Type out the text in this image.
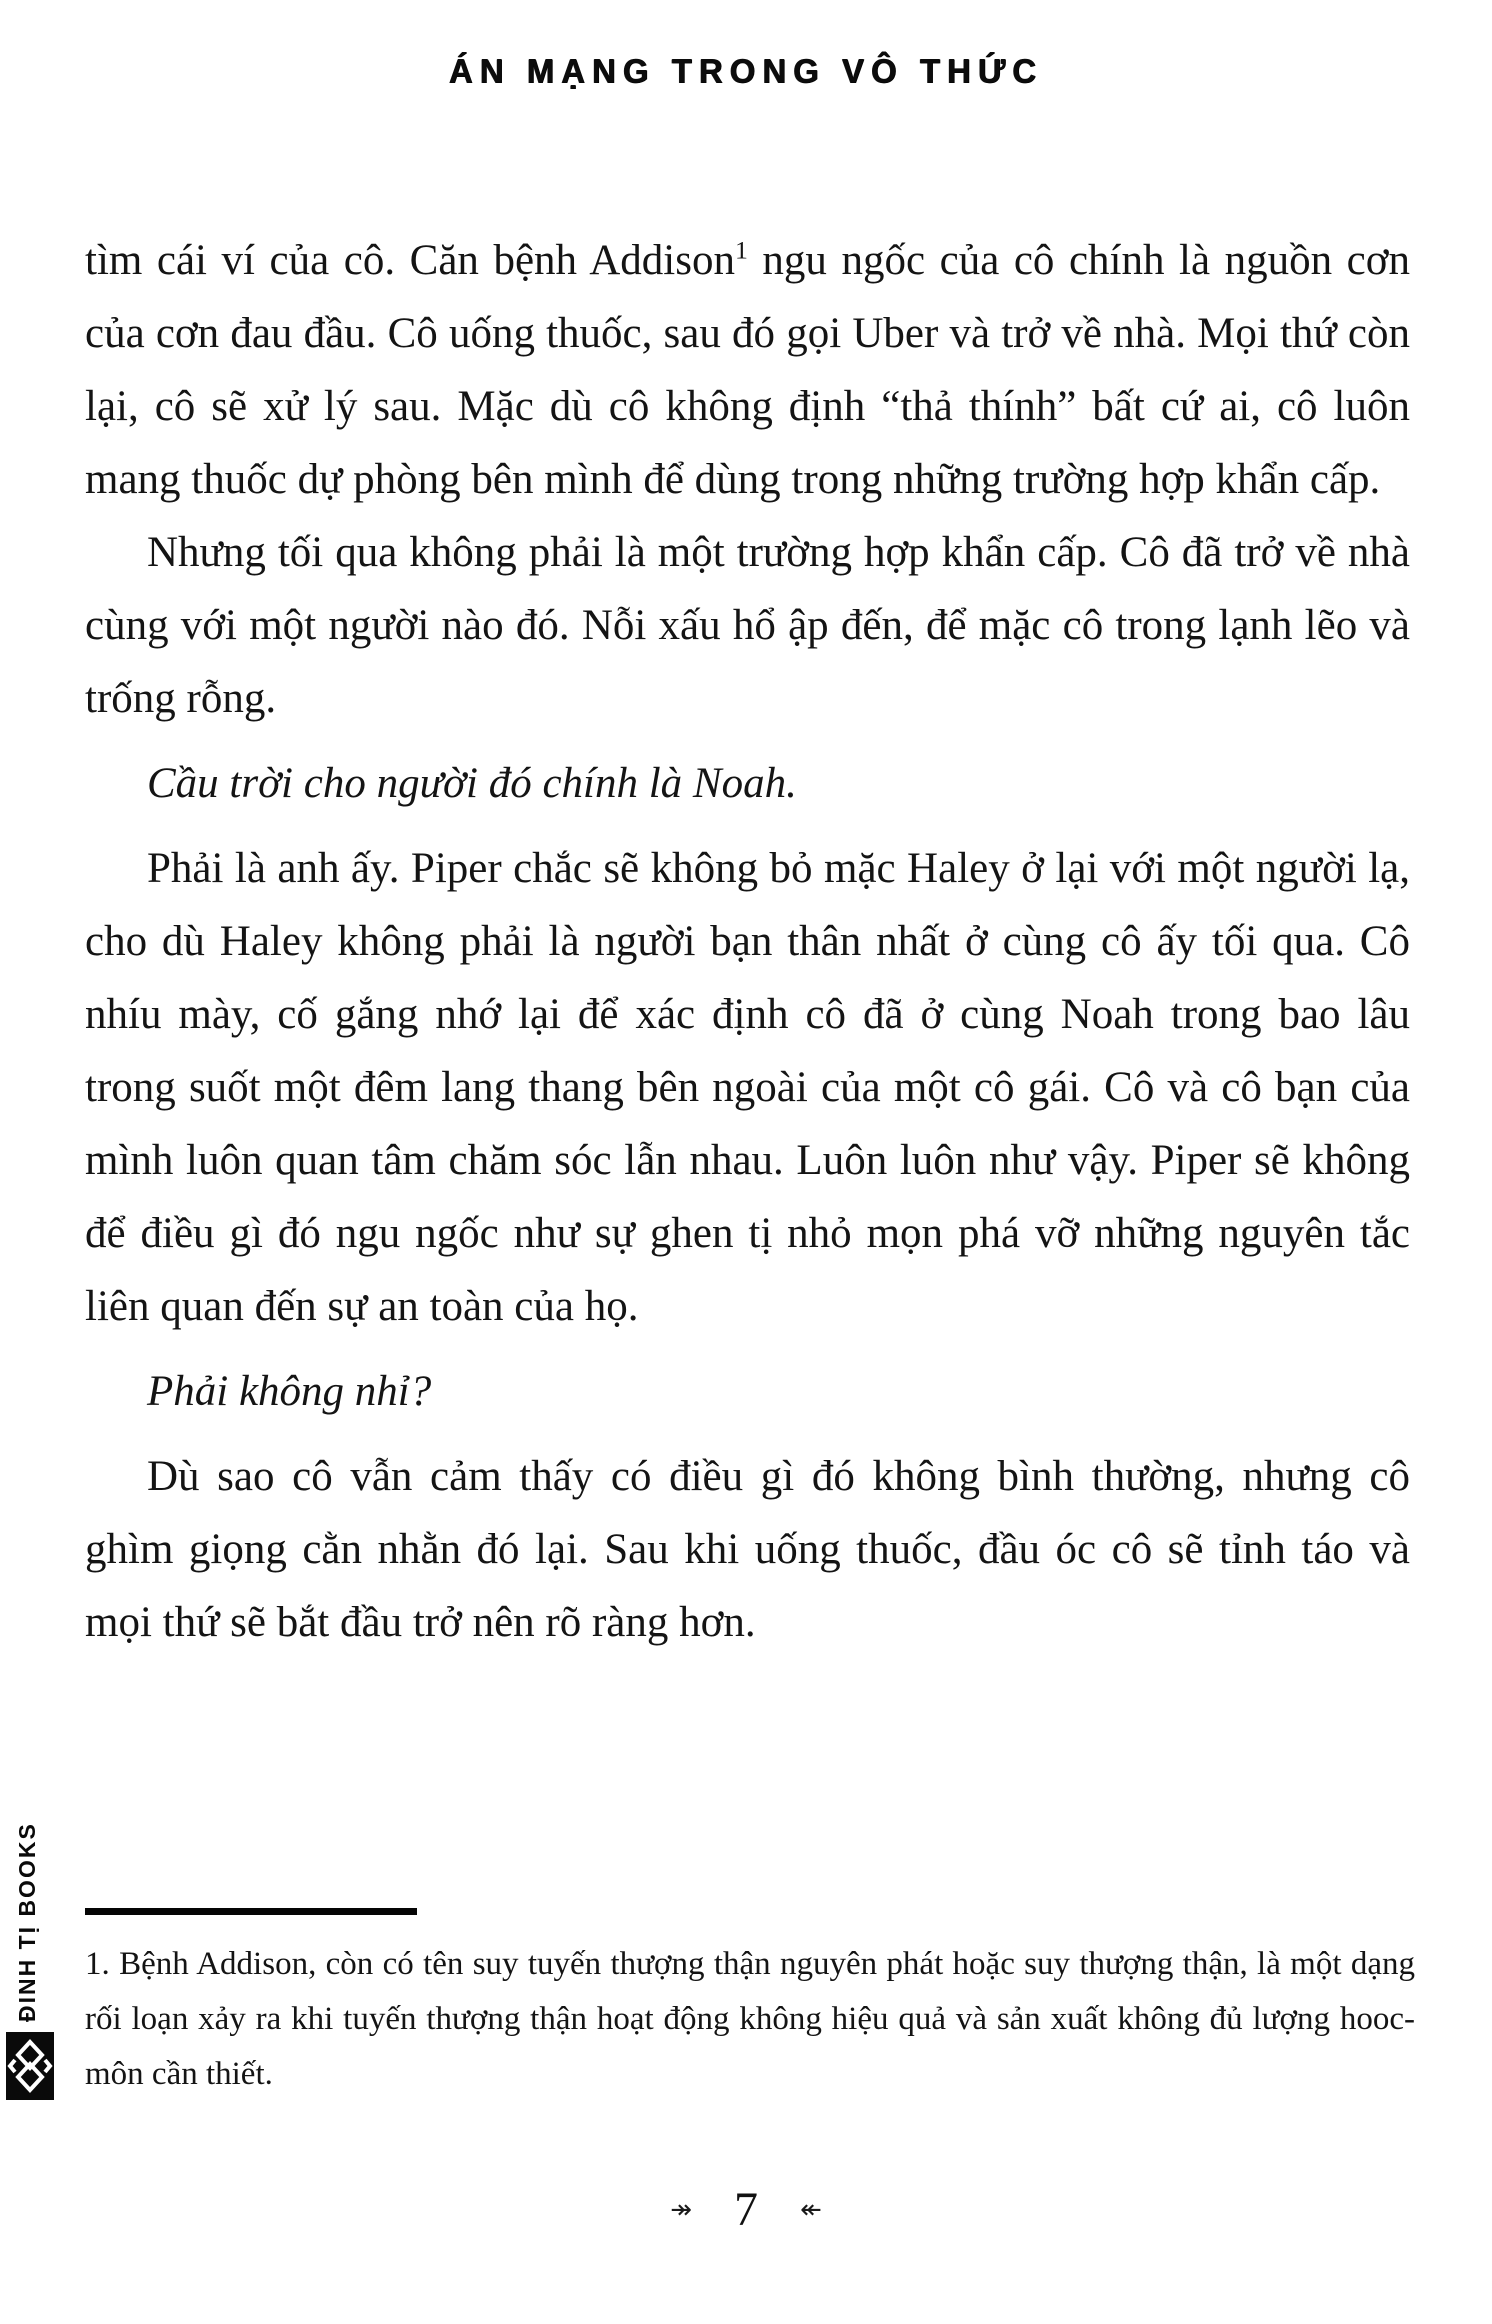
ÁN MẠNG TRONG VÔ THỨC

tìm cái ví của cô. Căn bệnh Addison$^1$ ngu ngốc của cô chính là nguồn cơn của cơn đau đầu. Cô uống thuốc, sau đó gọi Uber và trở về nhà. Mọi thứ còn lại, cô sẽ xử lý sau. Mặc dù cô không định “thả thính” bất cứ ai, cô luôn mang thuốc dự phòng bên mình để dùng trong những trường hợp khẩn cấp.

Nhưng tối qua không phải là một trường hợp khẩn cấp. Cô đã trở về nhà cùng với một người nào đó. Nỗi xấu hổ ập đến, để mặc cô trong lạnh lẽo và trống rỗng.

Cầu trời cho người đó chính là Noah.

Phải là anh ấy. Piper chắc sẽ không bỏ mặc Haley ở lại với một người lạ, cho dù Haley không phải là người bạn thân nhất ở cùng cô ấy tối qua. Cô nhíu mày, cố gắng nhớ lại để xác định cô đã ở cùng Noah trong bao lâu trong suốt một đêm lang thang bên ngoài của một cô gái. Cô và cô bạn của mình luôn quan tâm chăm sóc lẫn nhau. Luôn luôn như vậy. Piper sẽ không để điều gì đó ngu ngốc như sự ghen tị nhỏ mọn phá vỡ những nguyên tắc liên quan đến sự an toàn của họ.

Phải không nhỉ?

Dù sao cô vẫn cảm thấy có điều gì đó không bình thường, nhưng cô ghìm giọng cằn nhằn đó lại. Sau khi uống thuốc, đầu óc cô sẽ tỉnh táo và mọi thứ sẽ bắt đầu trở nên rõ ràng hơn.

1. Bệnh Addison, còn có tên suy tuyến thượng thận nguyên phát hoặc suy thượng thận, là một dạng rối loạn xảy ra khi tuyến thượng thận hoạt động không hiệu quả và sản xuất không đủ lượng hooc-môn cần thiết.

↠ 7 ↞
ĐINH TỊ BOOKS
